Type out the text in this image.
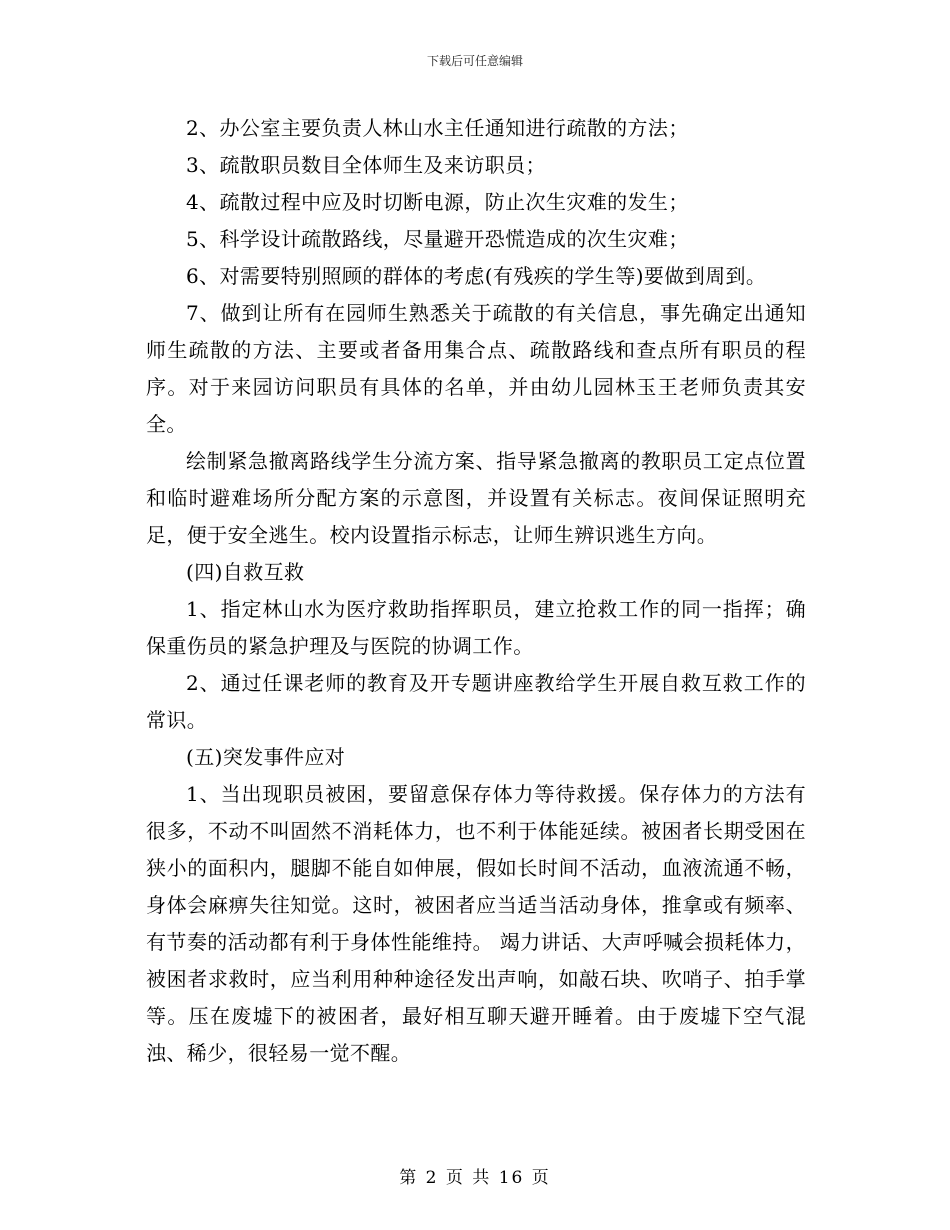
下载后可任意编辑

2、办公室主要负责人林山水主任通知进行疏散的方法；

3、疏散职员数目全体师生及来访职员；

4、疏散过程中应及时切断电源，防止次生灾难的发生；

5、科学设计疏散路线，尽量避开恐慌造成的次生灾难；

6、对需要特别照顾的群体的考虑(有残疾的学生等)要做到周到。

7、做到让所有在园师生熟悉关于疏散的有关信息，事先确定出通知师生疏散的方法、主要或者备用集合点、疏散路线和查点所有职员的程序。对于来园访问职员有具体的名单，并由幼儿园林玉王老师负责其安全。

绘制紧急撤离路线学生分流方案、指导紧急撤离的教职员工定点位置和临时避难场所分配方案的示意图，并设置有关标志。夜间保证照明充足，便于安全逃生。校内设置指示标志，让师生辨识逃生方向。

(四)自救互救

1、指定林山水为医疗救助指挥职员，建立抢救工作的同一指挥；确保重伤员的紧急护理及与医院的协调工作。

2、通过任课老师的教育及开专题讲座教给学生开展自救互救工作的常识。

(五)突发事件应对

1、当出现职员被困，要留意保存体力等待救援。保存体力的方法有很多，不动不叫固然不消耗体力，也不利于体能延续。被困者长期受困在狭小的面积内，腿脚不能自如伸展，假如长时间不活动，血液流通不畅，身体会麻痹失往知觉。这时，被困者应当适当活动身体，推拿或有频率、有节奏的活动都有利于身体性能维持。 竭力讲话、大声呼喊会损耗体力，被困者求救时，应当利用种种途径发出声响，如敲石块、吹哨子、拍手掌等。压在废墟下的被困者，最好相互聊天避开睡着。由于废墟下空气混浊、稀少，很轻易一觉不醒。

第 2 页 共 16 页
